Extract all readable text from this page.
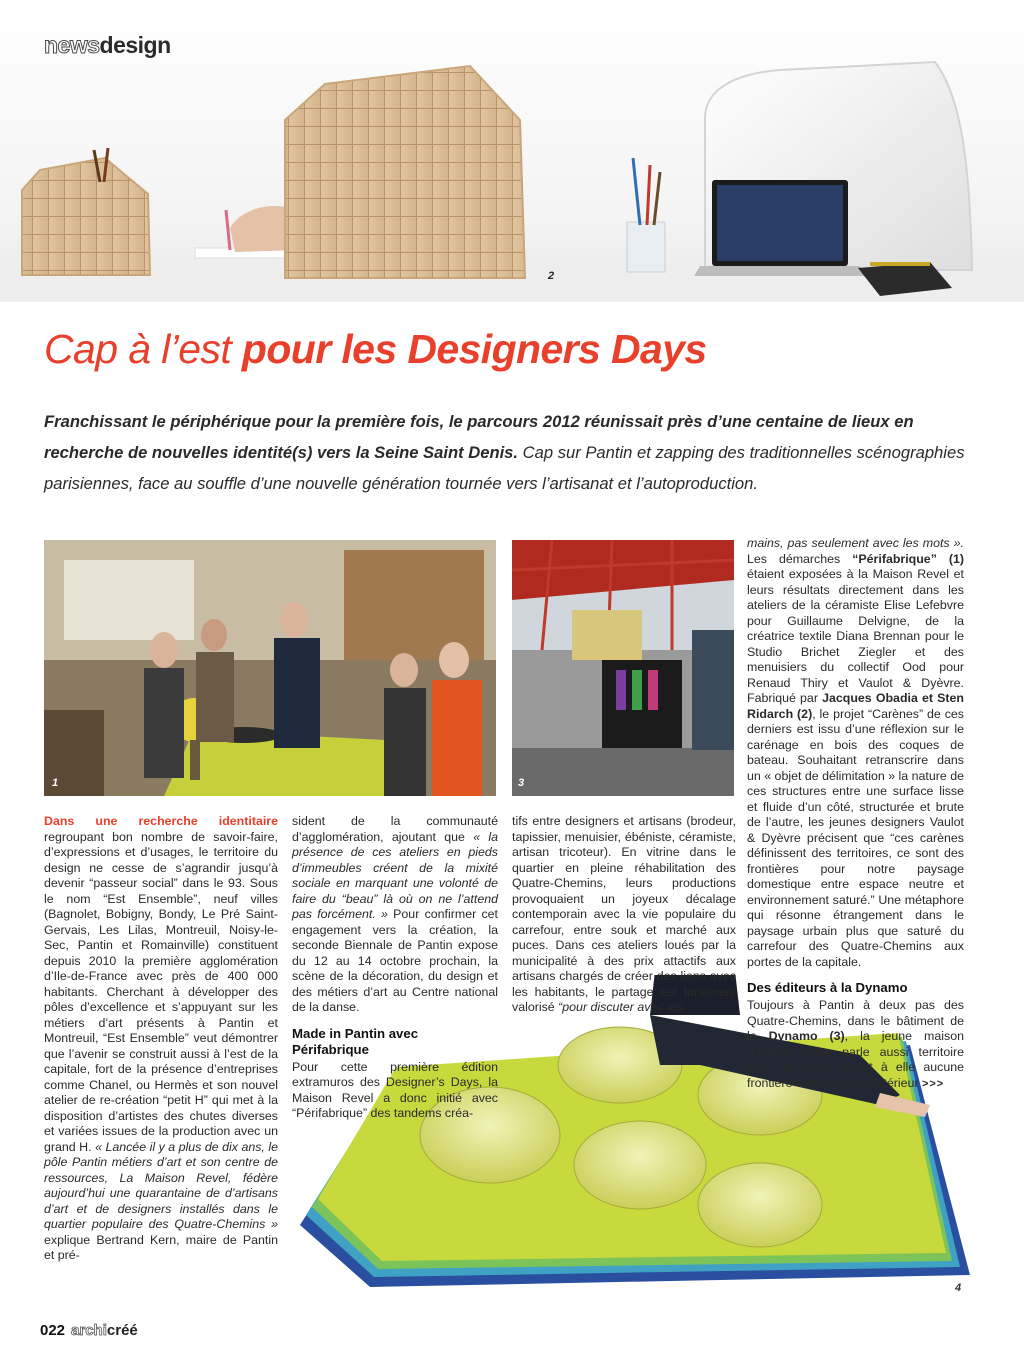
2
newsdesign
Cap à l’est pour les Designers Days

Franchissant le périphérique pour la première fois, le parcours 2012 réunissait près d’une centaine de lieux en recherche de nouvelles identité(s) vers la Seine Saint Denis. Cap sur Pantin et zapping des traditionnelles scénographies parisiennes, face au souffle d’une nouvelle génération tournée vers l’artisanat et l’autoproduction.

1	3
4

Dans une recherche identitaire regroupant bon nombre de savoir-faire, d’expressions et d’usages, le territoire du design ne cesse de s’agrandir jusqu’à devenir “passeur social” dans le 93. Sous le nom “Est Ensemble”, neuf villes (Bagnolet, Bobigny, Bondy, Le Pré Saint-Gervais, Les Lilas, Montreuil, Noisy-le-Sec, Pantin et Romainville) constituent depuis 2010 la première agglomération d’Ile-de-France avec près de 400 000 habitants. Cherchant à développer des pôles d’excellence et s’appuyant sur les métiers d’art présents à Pantin et Montreuil, “Est Ensemble” veut démontrer que l’avenir se construit aussi à l’est de la capitale, fort de la présence d’entreprises comme Chanel, ou Hermès et son nouvel atelier de re-création “petit H” qui met à la disposition d’artistes des chutes diverses et variées issues de la production avec un grand H. « Lancée il y a plus de dix ans, le pôle Pantin métiers d’art et son centre de ressources, La Maison Revel, fédère aujourd’hui une quarantaine de d’artisans d’art et de designers installés dans le quartier populaire des Quatre-Chemins » explique Bertrand Kern, maire de Pantin et pré-

sident de la communauté d’agglomération, ajoutant que « la présence de ces ateliers en pieds d’immeubles créent de la mixité sociale en marquant une volonté de faire du “beau” là où on ne l’attend pas forcément. » Pour confirmer cet engagement vers la création, la seconde Biennale de Pantin expose du 12 au 14 octobre prochain, la scène de la décoration, du design et des métiers d’art au Centre national de la danse.

Made in Pantin avec Périfabrique

Pour cette première édition extramuros des Designer’s Days, la Maison Revel a donc initié avec “Périfabrique” des tandems créa-

tifs entre designers et artisans (brodeur, tapissier, menuisier, ébéniste, céramiste, artisan tricoteur). En vitrine dans le quartier en pleine réhabilitation des Quatre-Chemins, leurs productions provoquaient un joyeux décalage contemporain avec la vie populaire du carrefour, entre souk et marché aux puces. Dans ces ateliers loués par la municipalité à des prix attactifs aux artisans chargés de créer des liens avec les habitants, le partage est fortement valorisé “pour discuter avec les

mains, pas seulement avec les mots ». Les démarches “Périfabrique” (1) étaient exposées à la Maison Revel et leurs résultats directement dans les ateliers de la céramiste Elise Lefebvre pour Guillaume Delvigne, de la créatrice textile Diana Brennan pour le Studio Brichet Ziegler et des menuisiers du collectif Ood pour Renaud Thiry et Vaulot & Dyèvre. Fabriqué par Jacques Obadia et Sten Ridarch (2), le projet “Carènes” de ces derniers est issu d’une réflexion sur le carénage en bois des coques de bateau. Souhaitant retranscrire dans un « objet de délimitation » la nature de ces structures entre une surface lisse et fluide d’un côté, structurée et brute de l’autre, les jeunes designers Vaulot & Dyèvre précisent que “ces carènes définissent des territoires, ce sont des frontières pour notre paysage domestique entre espace neutre et environnement saturé.” Une métaphore qui résonne étrangement dans le paysage urbain plus que saturé du carrefour des Quatre-Chemins aux portes de la capitale.

Des éditeurs à la Dynamo

Toujours à Pantin à deux pas des Quatre-Chemins, dans le bâtiment de la Dynamo (3), la jeune maison d’édition Oxyo parle aussi territoire pour ne tracer quant à elle aucune frontière entre objets d’intérieur >>>

022 archicréé
